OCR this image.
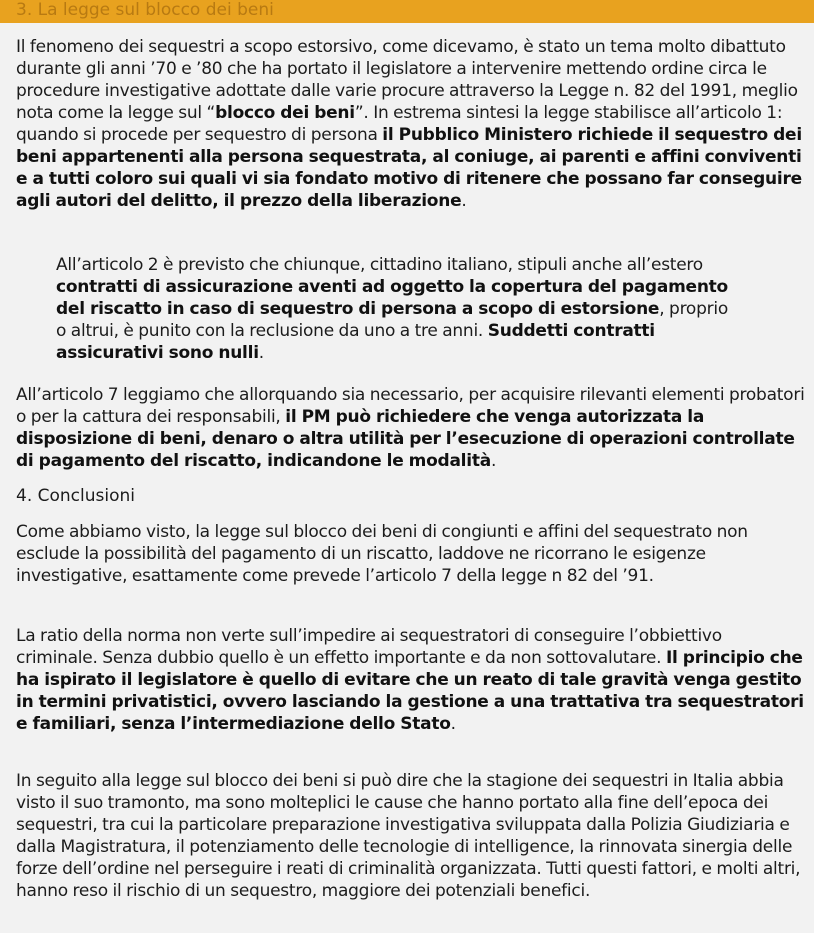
3. La legge sul blocco dei beni

Il fenomeno dei sequestri a scopo estorsivo, come dicevamo, è stato un tema molto dibattuto durante gli anni ’70 e ’80 che ha portato il legislatore a intervenire mettendo ordine circa le procedure investigative adottate dalle varie procure attraverso la Legge n. 82 del 1991, meglio nota come la legge sul “blocco dei beni”. In estrema sintesi la legge stabilisce all’articolo 1: quando si procede per sequestro di persona il Pubblico Ministero richiede il sequestro dei beni appartenenti alla persona sequestrata, al coniuge, ai parenti e affini conviventi e a tutti coloro sui quali vi sia fondato motivo di ritenere che possano far conseguire agli autori del delitto, il prezzo della liberazione.

All’articolo 2 è previsto che chiunque, cittadino italiano, stipuli anche all’estero contratti di assicurazione aventi ad oggetto la copertura del pagamento del riscatto in caso di sequestro di persona a scopo di estorsione, proprio o altrui, è punito con la reclusione da uno a tre anni. Suddetti contratti assicurativi sono nulli.

All’articolo 7 leggiamo che allorquando sia necessario, per acquisire rilevanti elementi probatori o per la cattura dei responsabili, il PM può richiedere che venga autorizzata la disposizione di beni, denaro o altra utilità per l’esecuzione di operazioni controllate di pagamento del riscatto, indicandone le modalità.

4. Conclusioni

Come abbiamo visto, la legge sul blocco dei beni di congiunti e affini del sequestrato non esclude la possibilità del pagamento di un riscatto, laddove ne ricorrano le esigenze investigative, esattamente come prevede l’articolo 7 della legge n 82 del ’91.

La ratio della norma non verte sull’impedire ai sequestratori di conseguire l’obbiettivo criminale. Senza dubbio quello è un effetto importante e da non sottovalutare. Il principio che ha ispirato il legislatore è quello di evitare che un reato di tale gravità venga gestito in termini privatistici, ovvero lasciando la gestione a una trattativa tra sequestratori e familiari, senza l’intermediazione dello Stato.

In seguito alla legge sul blocco dei beni si può dire che la stagione dei sequestri in Italia abbia visto il suo tramonto, ma sono molteplici le cause che hanno portato alla fine dell’epoca dei sequestri, tra cui la particolare preparazione investigativa sviluppata dalla Polizia Giudiziaria e dalla Magistratura, il potenziamento delle tecnologie di intelligence, la rinnovata sinergia delle forze dell’ordine nel perseguire i reati di criminalità organizzata. Tutti questi fattori, e molti altri, hanno reso il rischio di un sequestro, maggiore dei potenziali benefici.
